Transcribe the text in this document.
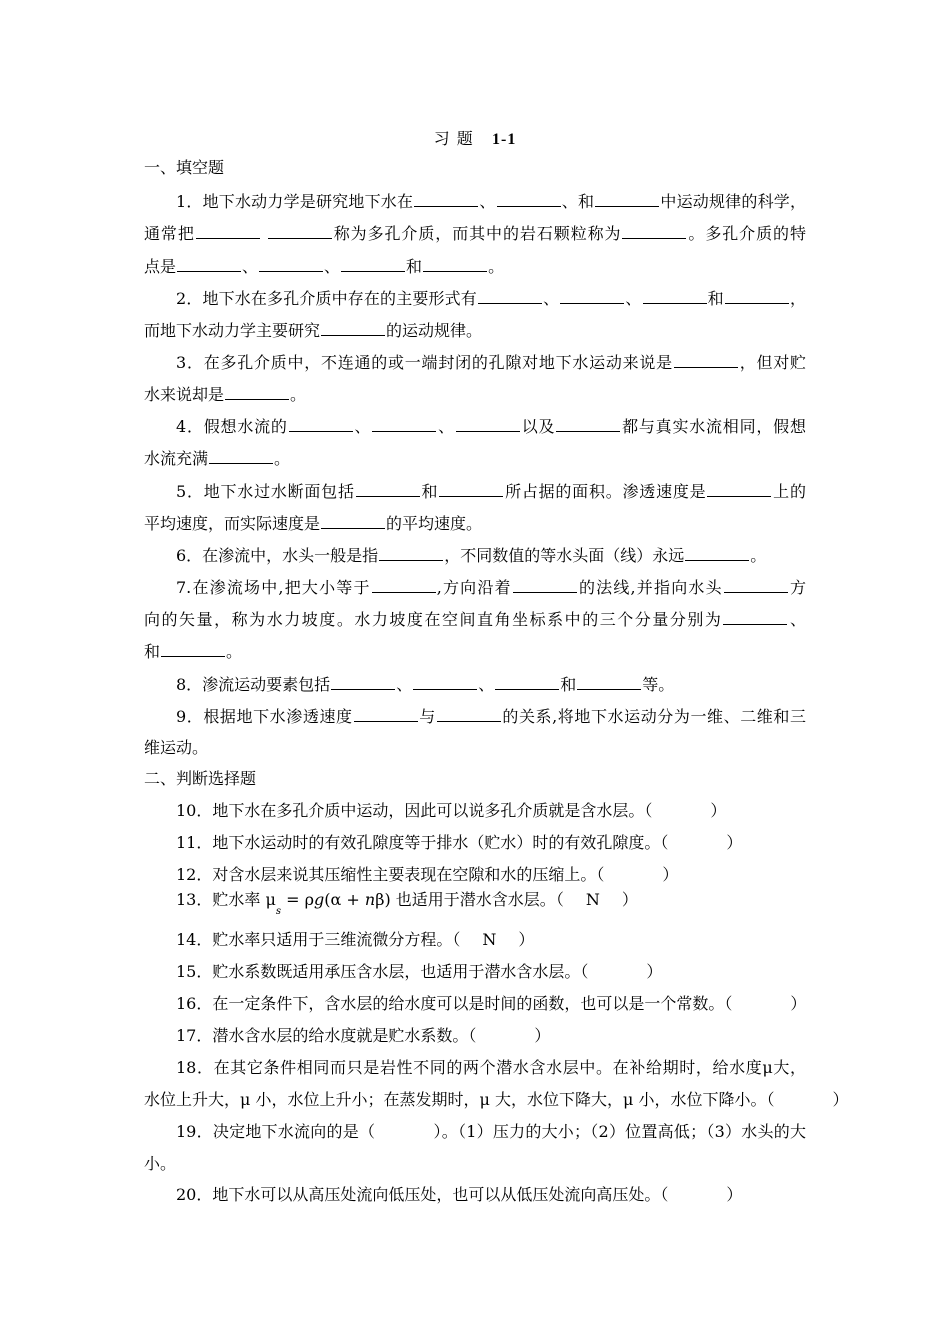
习 题 1-1
一、填空题
1．地下水动力学是研究地下水在	、	、和	中运动规律的科学，
通常把	称为多孔介质，而其中的岩石颗粒称为	。多孔介质的特
点是	、	、	和	。
2．地下水在多孔介质中存在的主要形式有	、	、	和	，
而地下水动力学主要研究	的运动规律。
3．在多孔介质中，不连通的或一端封闭的孔隙对地下水运动来说是	，但对贮
水来说却是	。
4．假想水流的	、	、	以及	都与真实水流相同，假想
水流充满	。
5．地下水过水断面包括	和	所占据的面积。渗透速度是	上的
平均速度，而实际速度是	的平均速度。
6．在渗流中，水头一般是指	，不同数值的等水头面（线）永远	。
7.在渗流场中,把大小等于	,方向沿着	的法线,并指向水头	方
向的矢量，称为水力坡度。水力坡度在空间直角坐标系中的三个分量分别为	、
和	。
8．渗流运动要素包括	、	、	和	等。
9．根据地下水渗透速度	与	的关系,将地下水运动分为一维、二维和三
维运动。
二、判断选择题
10．地下水在多孔介质中运动，因此可以说多孔介质就是含水层。（	）
11．地下水运动时的有效孔隙度等于排水（贮水）时的有效孔隙度。（	）
12．对含水层来说其压缩性主要表现在空隙和水的压缩上。（	）
13．贮水率 $\mu_s = \rho g(\alpha + n\beta)$ 也适用于潜水含水层。（ N ）
14．贮水率只适用于三维流微分方程。（ N ）
15．贮水系数既适用承压含水层，也适用于潜水含水层。（	）
16．在一定条件下，含水层的给水度可以是时间的函数，也可以是一个常数。（	）
17．潜水含水层的给水度就是贮水系数。（	）
18．在其它条件相同而只是岩性不同的两个潜水含水层中。在补给期时，给水度μ大，
水位上升大，μ 小，水位上升小；在蒸发期时，μ 大，水位下降大，μ 小，水位下降小。（	）
19．决定地下水流向的是（	）。（1）压力的大小；（2）位置高低；（3）水头的大
小。
20．地下水可以从高压处流向低压处，也可以从低压处流向高压处。（	）
